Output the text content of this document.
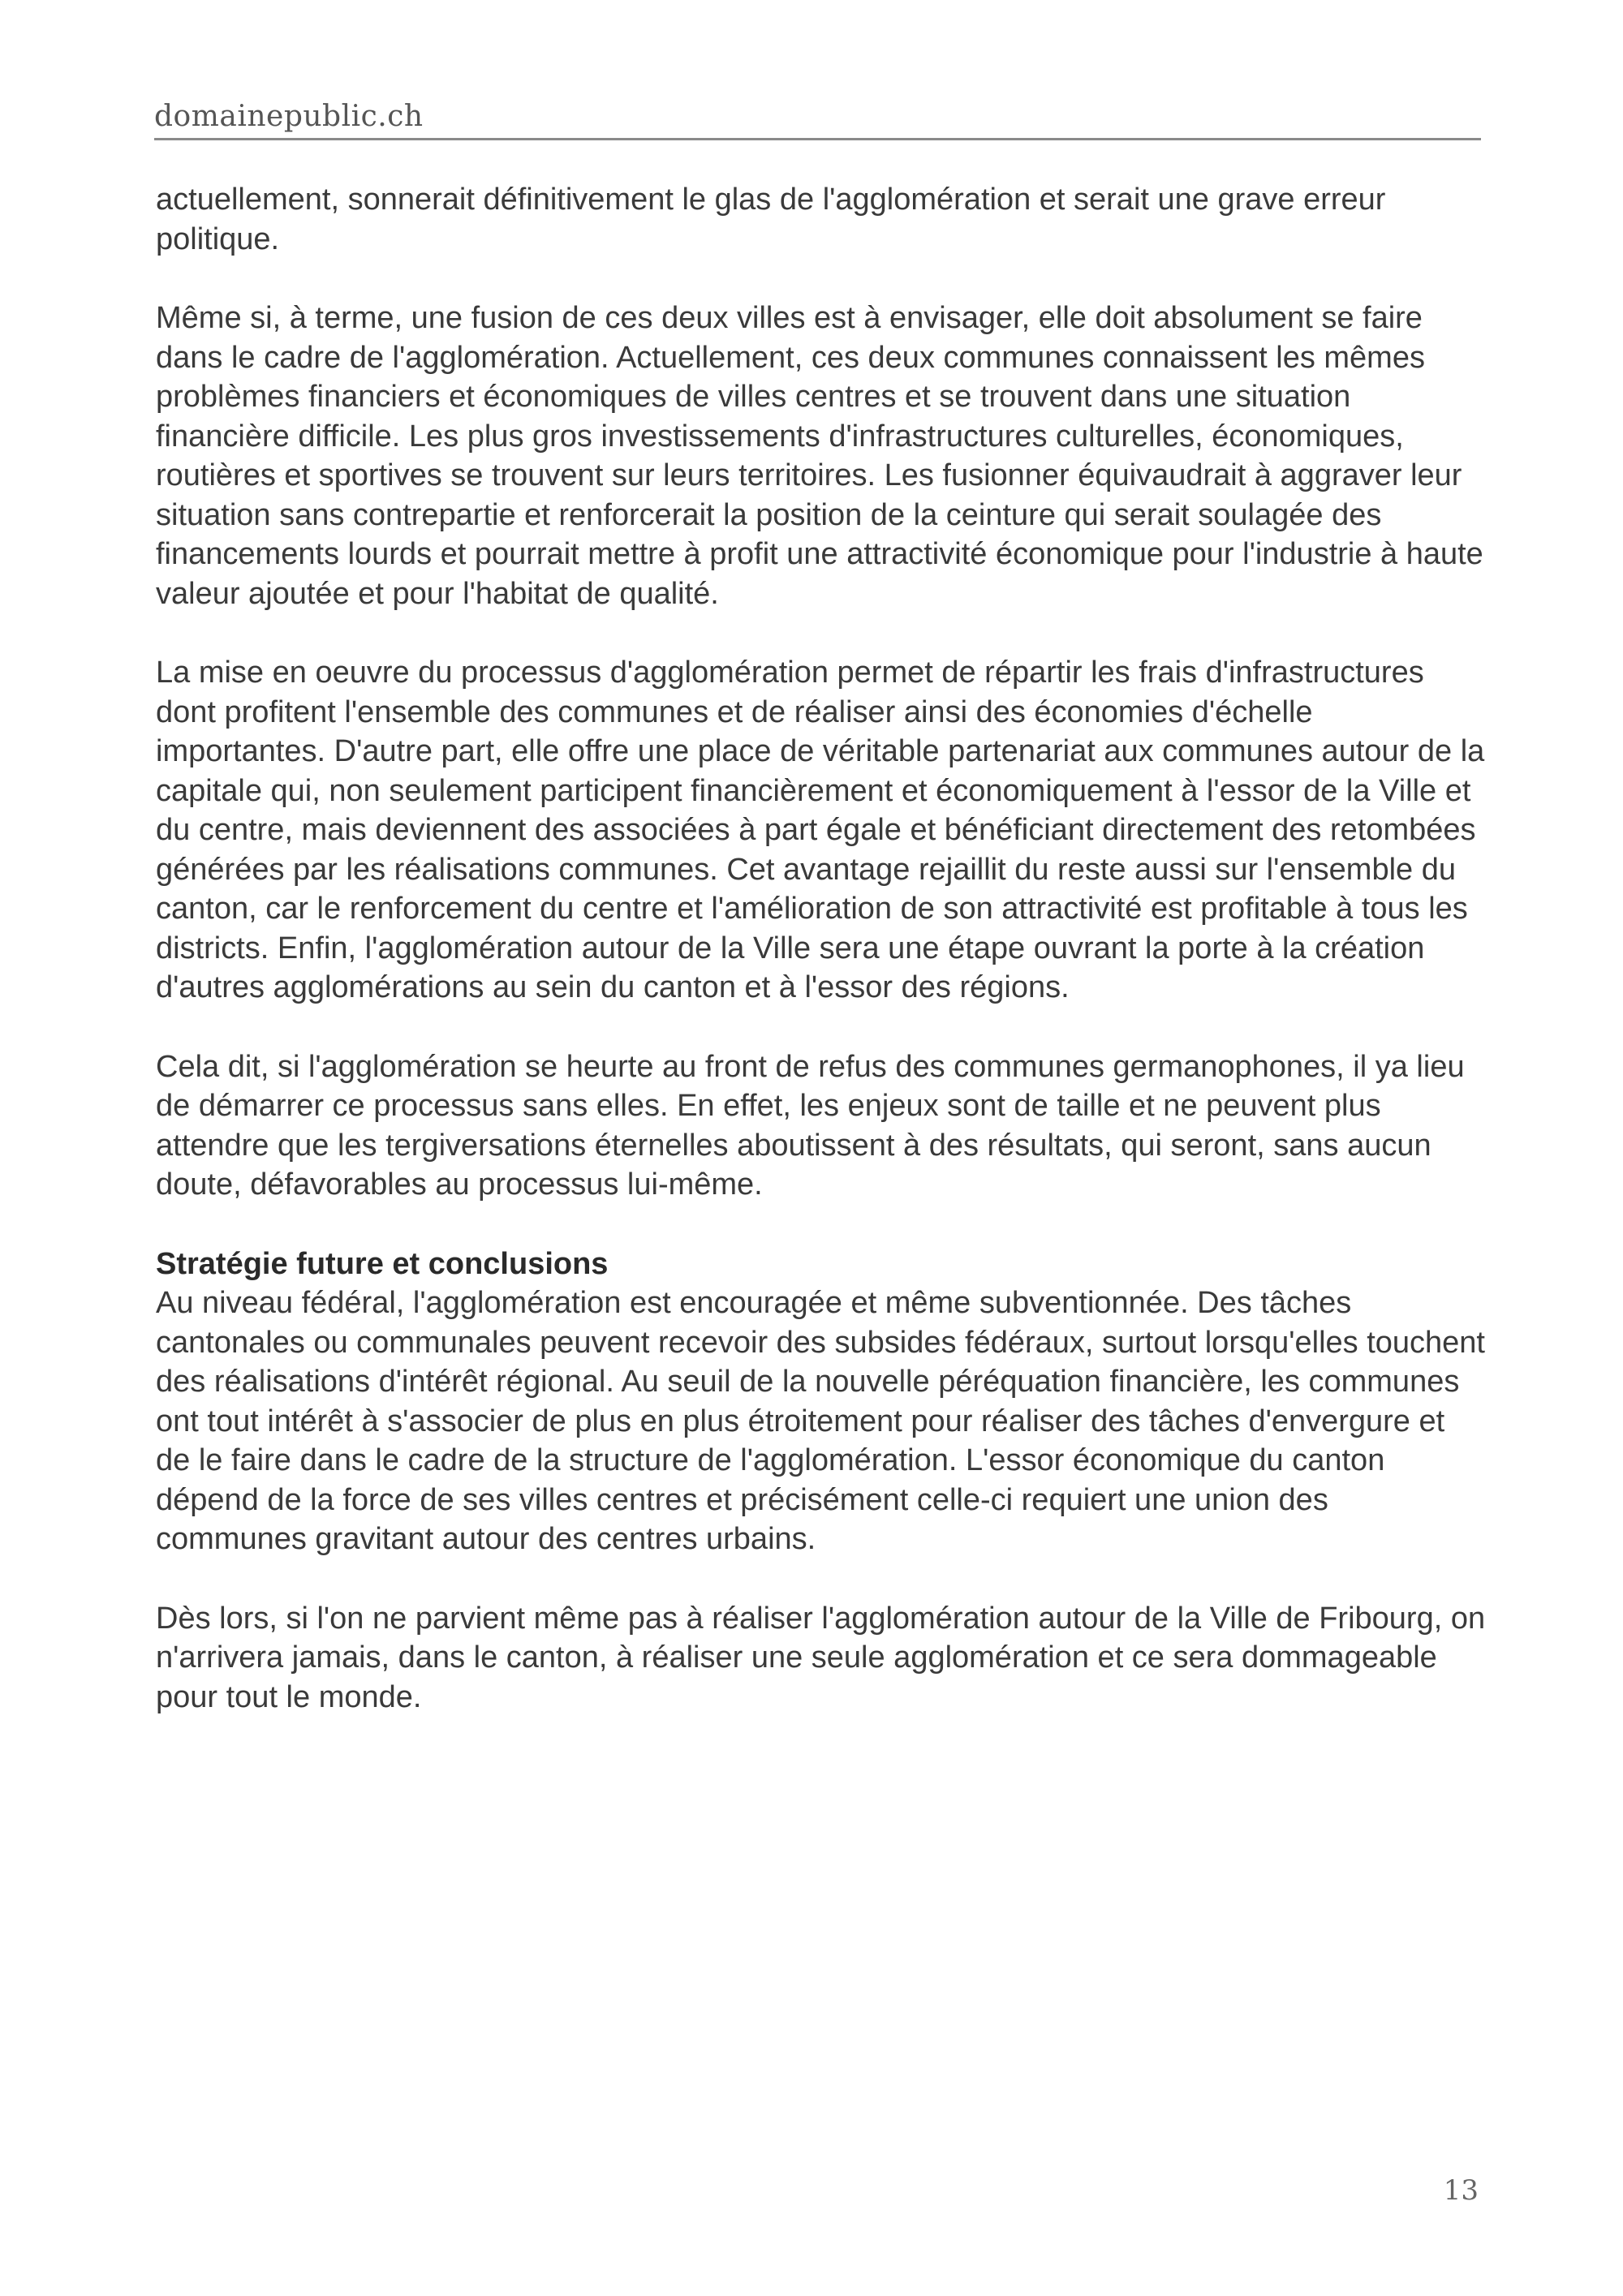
domainepublic.ch

actuellement, sonnerait définitivement le glas de l'agglomération et serait une grave erreur politique.

Même si, à terme, une fusion de ces deux villes est à envisager, elle doit absolument se faire dans le cadre de l'agglomération. Actuellement, ces deux communes connaissent les mêmes problèmes financiers et économiques de villes centres et se trouvent dans une situation financière difficile. Les plus gros investissements d'infrastructures culturelles, économiques, routières et sportives se trouvent sur leurs territoires. Les fusionner équivaudrait à aggraver leur situation sans contrepartie et renforcerait la position de la ceinture qui serait soulagée des financements lourds et pourrait mettre à profit une attractivité économique pour l'industrie à haute valeur ajoutée et pour l'habitat de qualité.

La mise en oeuvre du processus d'agglomération permet de répartir les frais d'infrastructures dont profitent l'ensemble des communes et de réaliser ainsi des économies d'échelle importantes. D'autre part, elle offre une place de véritable partenariat aux communes autour de la capitale qui, non seulement participent financièrement et économiquement à l'essor de la Ville et du centre, mais deviennent des associées à part égale et bénéficiant directement des retombées générées par les réalisations communes. Cet avantage rejaillit du reste aussi sur l'ensemble du canton, car le renforcement du centre et l'amélioration de son attractivité est profitable à tous les districts. Enfin, l'agglomération autour de la Ville sera une étape ouvrant la porte à la création d'autres agglomérations au sein du canton et à l'essor des régions.

Cela dit, si l'agglomération se heurte au front de refus des communes germanophones, il ya lieu de démarrer ce processus sans elles. En effet, les enjeux sont de taille et ne peuvent plus attendre que les tergiversations éternelles aboutissent à des résultats, qui seront, sans aucun doute, défavorables au processus lui-même.

Stratégie future et conclusions

Au niveau fédéral, l'agglomération est encouragée et même subventionnée. Des tâches cantonales ou communales peuvent recevoir des subsides fédéraux, surtout lorsqu'elles touchent des réalisations d'intérêt régional. Au seuil de la nouvelle péréquation financière, les communes ont tout intérêt à s'associer de plus en plus étroitement pour réaliser des tâches d'envergure et de le faire dans le cadre de la structure de l'agglomération. L'essor économique du canton dépend de la force de ses villes centres et précisément celle-ci requiert une union des communes gravitant autour des centres urbains.

Dès lors, si l'on ne parvient même pas à réaliser l'agglomération autour de la Ville de Fribourg, on n'arrivera jamais, dans le canton, à réaliser une seule agglomération et ce sera dommageable pour tout le monde.

13
